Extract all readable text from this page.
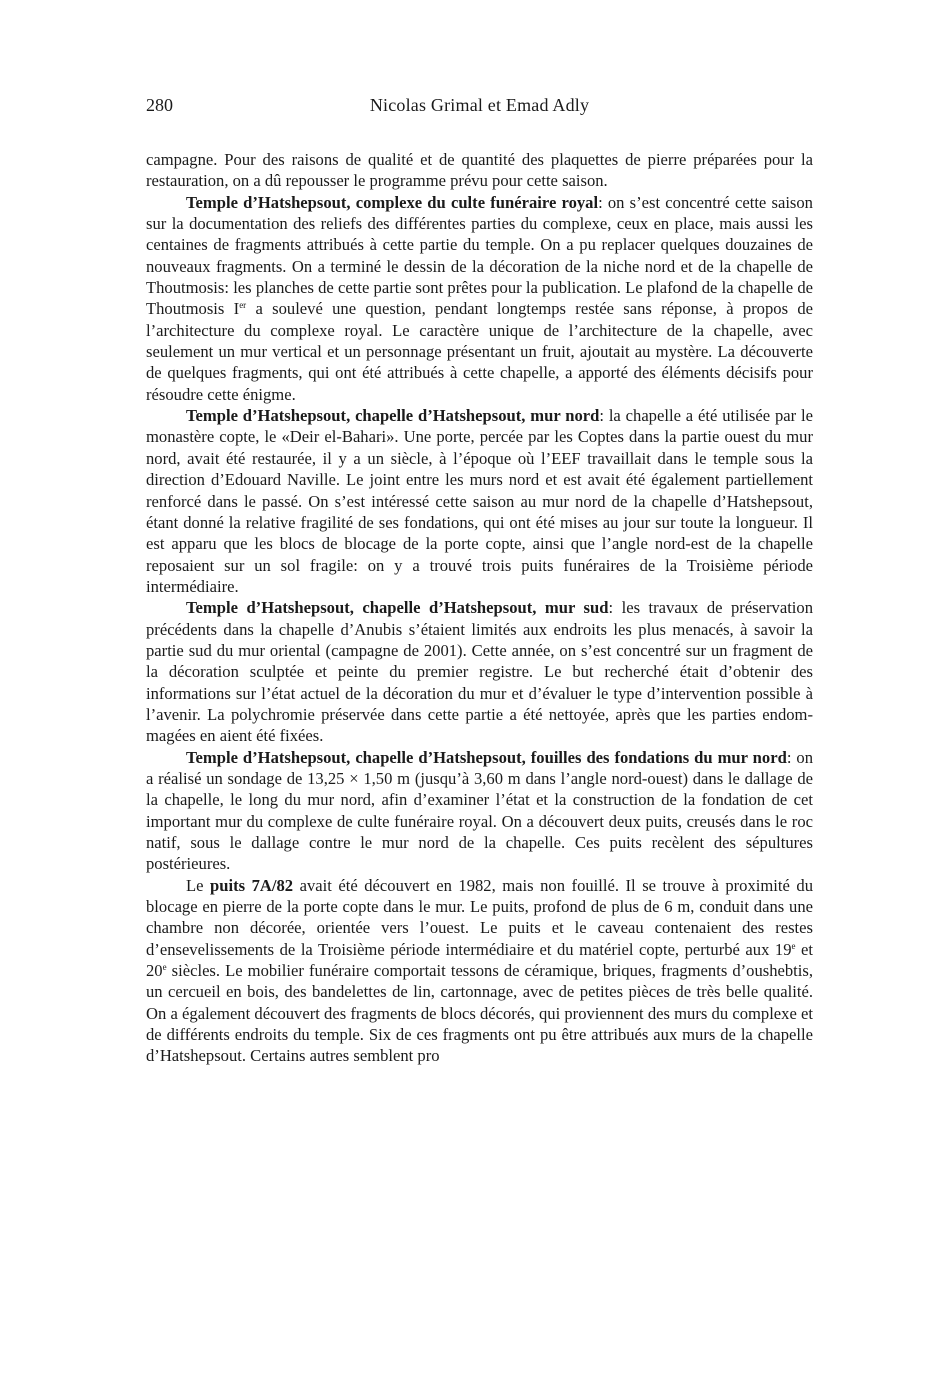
280	Nicolas Grimal et Emad Adly

campagne. Pour des raisons de qualité et de quantité des plaquettes de pierre préparées pour la restauration, on a dû repousser le programme prévu pour cette saison.

Temple d’Hatshepsout, complexe du culte funéraire royal: on s’est concentré cette saison sur la documentation des reliefs des différentes parties du complexe, ceux en place, mais aussi les centaines de fragments attribués à cette partie du temple. On a pu replacer quelques douzaines de nouveaux fragments. On a terminé le dessin de la décoration de la niche nord et de la chapelle de Thoutmosis: les planches de cette partie sont prêtes pour la publication. Le plafond de la chapelle de Thoutmosis Ier a soulevé une question, pendant longtemps restée sans réponse, à propos de l’architecture du complexe royal. Le caractère unique de l’architecture de la chapelle, avec seulement un mur vertical et un personnage présentant un fruit, ajoutait au mystère. La découverte de quelques fragments, qui ont été attribués à cette chapelle, a apporté des éléments décisifs pour résoudre cette énigme.

Temple d’Hatshepsout, chapelle d’Hatshepsout, mur nord: la chapelle a été utilisée par le monastère copte, le «Deir el-Bahari». Une porte, percée par les Coptes dans la partie ouest du mur nord, avait été restaurée, il y a un siècle, à l’époque où l’EEF travaillait dans le temple sous la direction d’Edouard Naville. Le joint entre les murs nord et est avait été également partiellement renforcé dans le passé. On s’est intéressé cette saison au mur nord de la chapelle d’Hatshepsout, étant donné la relative fragilité de ses fondations, qui ont été mises au jour sur toute la longueur. Il est apparu que les blocs de blocage de la porte copte, ainsi que l’angle nord-est de la chapelle reposaient sur un sol fragile: on y a trouvé trois puits funéraires de la Troisième période intermédiaire.

Temple d’Hatshepsout, chapelle d’Hatshepsout, mur sud: les travaux de préservation précédents dans la chapelle d’Anubis s’étaient limités aux endroits les plus menacés, à savoir la partie sud du mur oriental (campagne de 2001). Cette année, on s’est concentré sur un fragment de la décoration sculptée et peinte du premier registre. Le but recherché était d’obtenir des informations sur l’état actuel de la décoration du mur et d’évaluer le type d’intervention possible à l’avenir. La polychromie préservée dans cette partie a été nettoyée, après que les parties endommagées en aient été fixées.

Temple d’Hatshepsout, chapelle d’Hatshepsout, fouilles des fondations du mur nord: on a réalisé un sondage de 13,25 × 1,50 m (jusqu’à 3,60 m dans l’angle nord-ouest) dans le dallage de la chapelle, le long du mur nord, afin d’examiner l’état et la construction de la fondation de cet important mur du complexe de culte funéraire royal. On a découvert deux puits, creusés dans le roc natif, sous le dallage contre le mur nord de la chapelle. Ces puits recèlent des sépultures postérieures.

Le puits 7A/82 avait été découvert en 1982, mais non fouillé. Il se trouve à proximité du blocage en pierre de la porte copte dans le mur. Le puits, profond de plus de 6 m, conduit dans une chambre non décorée, orientée vers l’ouest. Le puits et le caveau contenaient des restes d’ensevelissements de la Troisième période intermédiaire et du matériel copte, perturbé aux 19e et 20e siècles. Le mobilier funéraire comportait tessons de céramique, briques, fragments d’oushebtis, un cercueil en bois, des bandelettes de lin, cartonnage, avec de petites pièces de très belle qualité. On a également découvert des fragments de blocs décorés, qui proviennent des murs du complexe et de différents endroits du temple. Six de ces fragments ont pu être attribués aux murs de la chapelle d’Hatshepsout. Certains autres semblent pro
